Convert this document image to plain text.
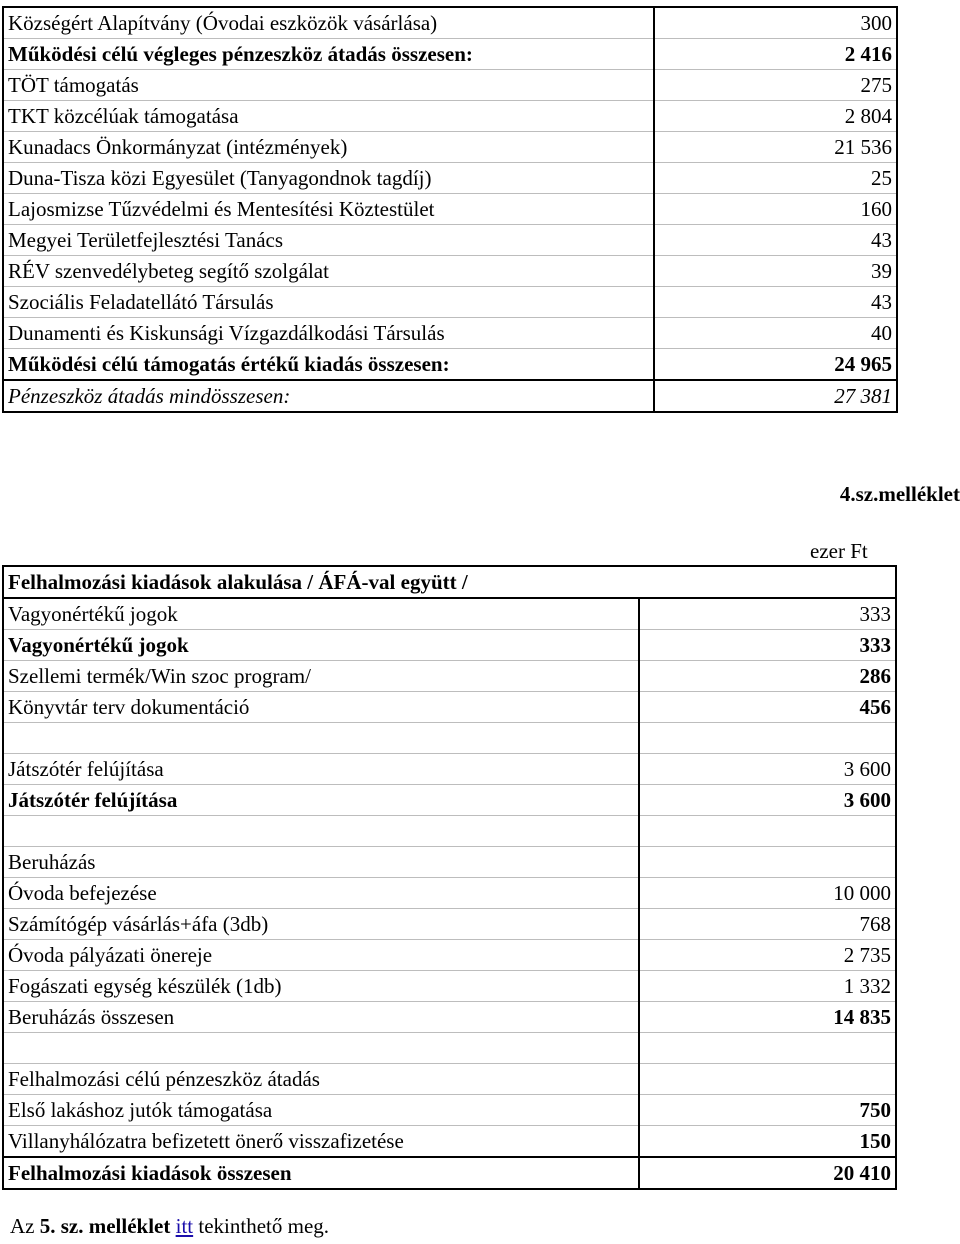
Községért Alapítvány (Óvodai eszközök vásárlása)	300
Működési célú végleges pénzeszköz átadás összesen:	2 416
TÖT támogatás	275
TKT közcélúak támogatása	2 804
Kunadacs Önkormányzat (intézmények)	21 536
Duna-Tisza közi Egyesület (Tanyagondnok tagdíj)	25
Lajosmizse Tűzvédelmi és Mentesítési Köztestület	160
Megyei Területfejlesztési Tanács	43
RÉV szenvedélybeteg segítő szolgálat	39
Szociális Feladatellátó Társulás	43
Dunamenti és Kiskunsági Vízgazdálkodási Társulás	40
Működési célú támogatás értékű kiadás összesen:	24 965
Pénzeszköz átadás mindösszesen:	27 381
4.sz.melléklet
ezer Ft
Felhalmozási kiadások alakulása / ÁFÁ-val együtt /	
Vagyonértékű jogok	333
Vagyonértékű jogok	333
Szellemi termék/Win szoc program/	286
Könyvtár terv dokumentáció	456

Játszótér felújítása	3 600
Játszótér felújítása	3 600

Beruházás	
Óvoda befejezése	10 000
Számítógép vásárlás+áfa (3db)	768
Óvoda pályázati önereje	2 735
Fogászati egység készülék (1db)	1 332
Beruházás összesen	14 835

Felhalmozási célú pénzeszköz átadás	
Első lakáshoz jutók támogatása	750
Villanyhálózatra befizetett önerő visszafizetése	150
Felhalmozási kiadások összesen	20 410
Az 5. sz. melléklet itt tekinthető meg.
